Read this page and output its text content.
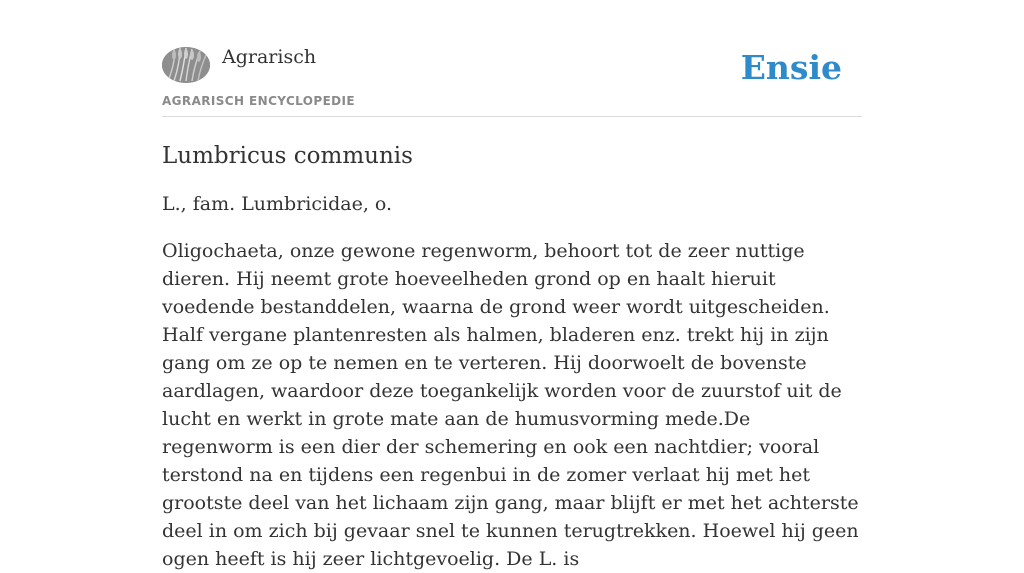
Agrarisch
AGRARISCH ENCYCLOPEDIE
Ensie
Lumbricus communis

L., fam. Lumbricidae, o.

Oligochaeta, onze gewone regenworm, behoort tot de zeer nuttige dieren. Hij neemt grote hoeveelheden grond op en haalt hieruit voedende bestanddelen, waarna de grond weer wordt uitgescheiden. Half vergane plantenresten als halmen, bladeren enz. trekt hij in zijn gang om ze op te nemen en te verteren. Hij doorwoelt de bovenste aardlagen, waardoor deze toegankelijk worden voor de zuurstof uit de lucht en werkt in grote mate aan de humusvorming mede.De regenworm is een dier der schemering en ook een nachtdier; vooral terstond na en tijdens een regenbui in de zomer verlaat hij met het grootste deel van het lichaam zijn gang, maar blijft er met het achterste deel in om zich bij gevaar snel te kunnen terugtrekken. Hoewel hij geen ogen heeft is hij zeer lichtgevoelig. De L. is
